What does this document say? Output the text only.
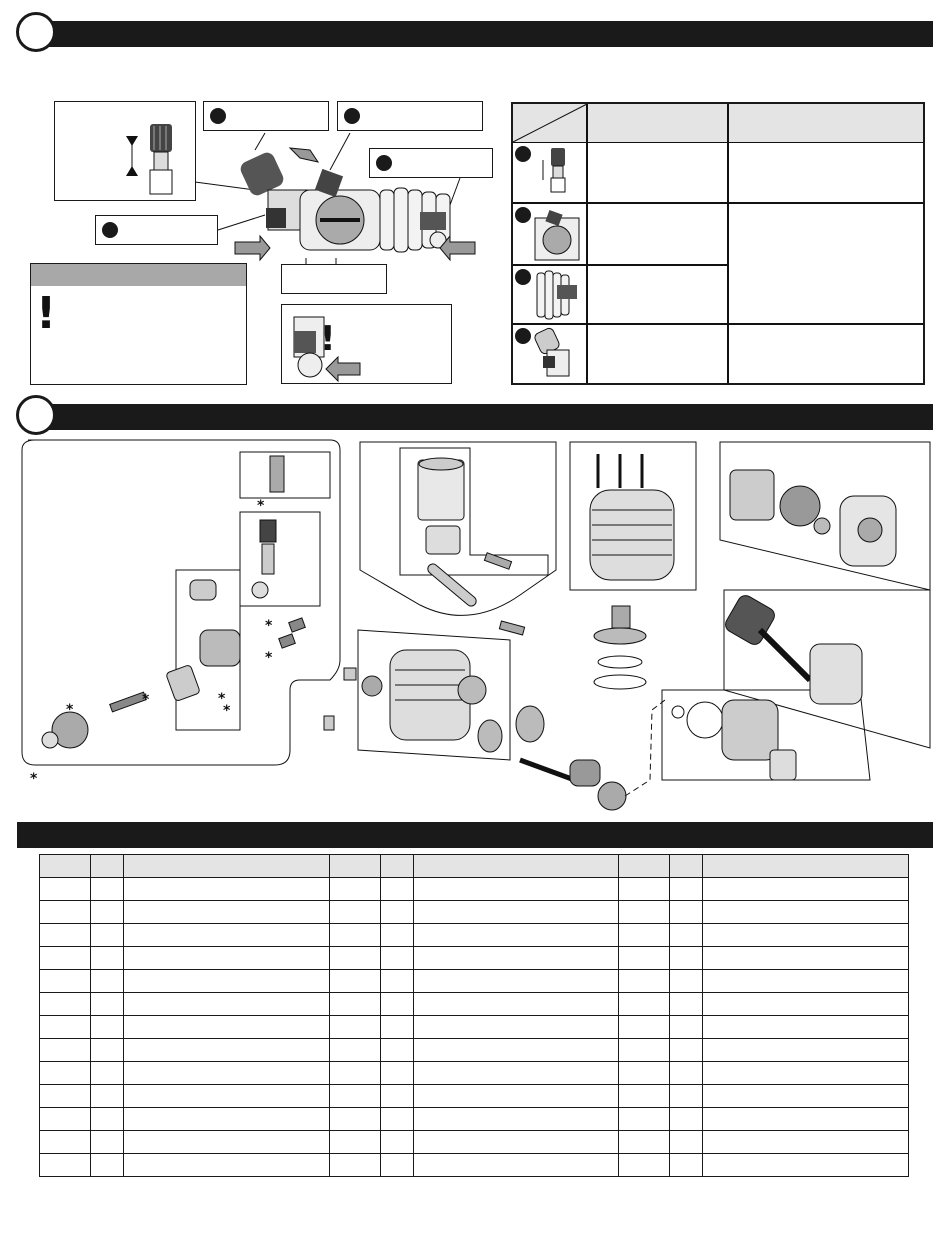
!	!
*
*
*
*	*
*
*
*
